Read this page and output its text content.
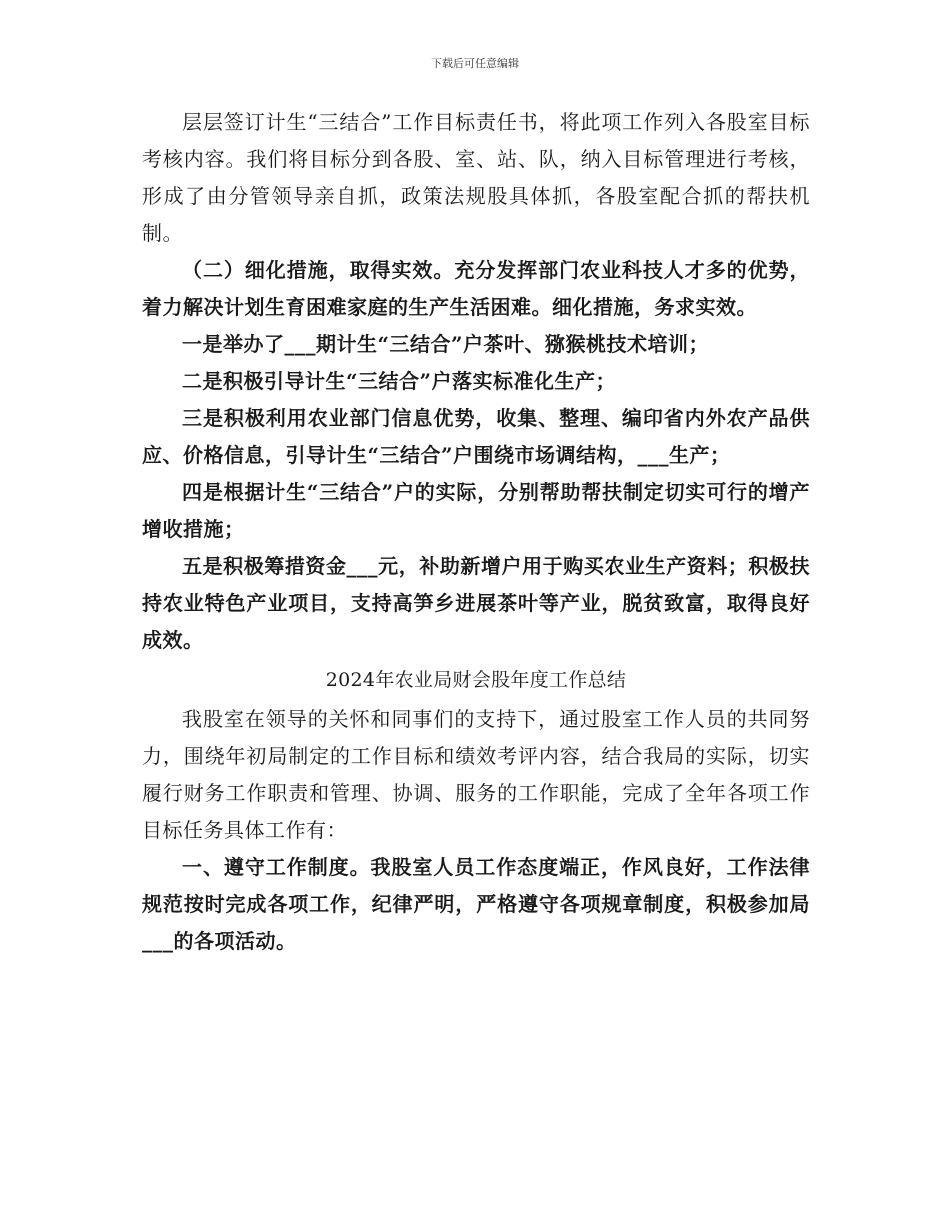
下载后可任意编辑

层层签订计生“三结合”工作目标责任书，将此项工作列入各股室目标考核内容。我们将目标分到各股、室、站、队，纳入目标管理进行考核，形成了由分管领导亲自抓，政策法规股具体抓，各股室配合抓的帮扶机制。

（二）细化措施，取得实效。充分发挥部门农业科技人才多的优势，着力解决计划生育困难家庭的生产生活困难。细化措施，务求实效。

一是举办了___期计生“三结合”户茶叶、猕猴桃技术培训；

二是积极引导计生“三结合”户落实标准化生产；

三是积极利用农业部门信息优势，收集、整理、编印省内外农产品供应、价格信息，引导计生“三结合”户围绕市场调结构，___生产；

四是根据计生“三结合”户的实际，分别帮助帮扶制定切实可行的增产增收措施；

五是积极筹措资金___元，补助新增户用于购买农业生产资料；积极扶持农业特色产业项目，支持高笋乡进展茶叶等产业，脱贫致富，取得良好成效。

2024年农业局财会股年度工作总结

我股室在领导的关怀和同事们的支持下，通过股室工作人员的共同努力，围绕年初局制定的工作目标和绩效考评内容，结合我局的实际，切实履行财务工作职责和管理、协调、服务的工作职能，完成了全年各项工作目标任务具体工作有：

一、遵守工作制度。我股室人员工作态度端正，作风良好，工作法律规范按时完成各项工作，纪律严明，严格遵守各项规章制度，积极参加局___的各项活动。
